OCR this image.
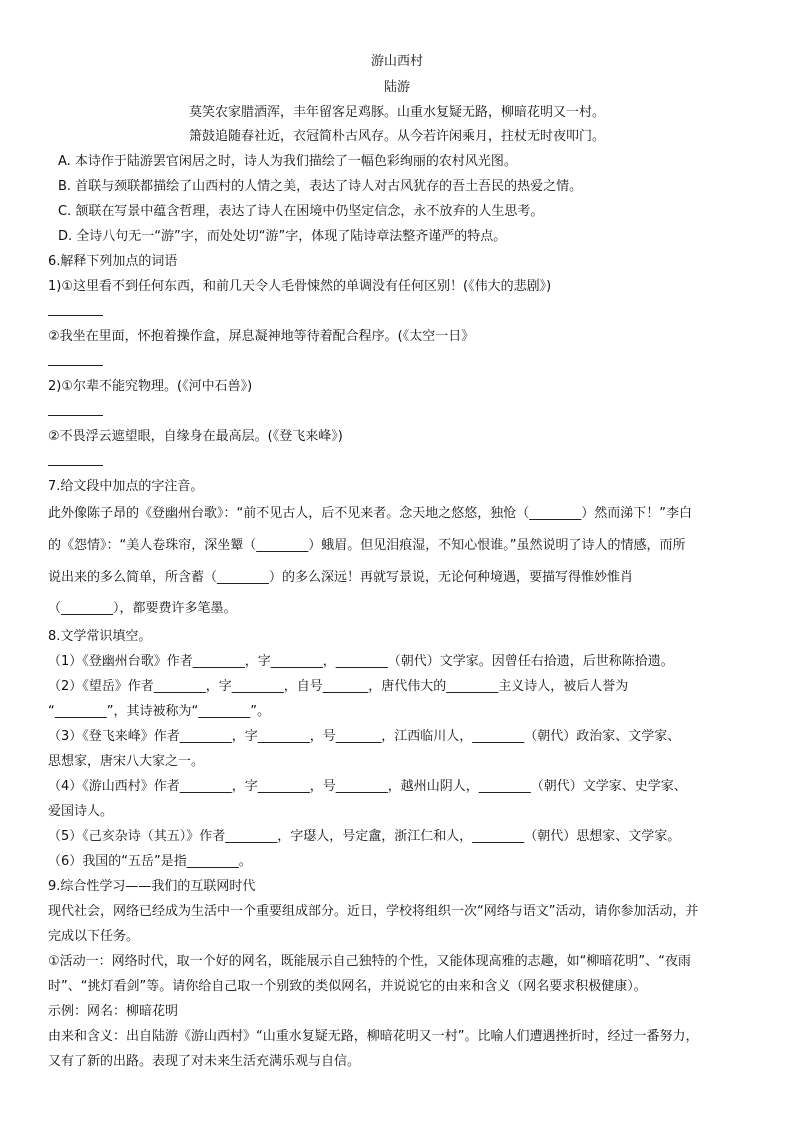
游山西村
陆游
莫笑农家腊酒浑，丰年留客足鸡豚。山重水复疑无路，柳暗花明又一村。
箫鼓追随春社近，衣冠简朴古风存。从今若许闲乘月，拄杖无时夜叩门。
A. 本诗作于陆游罢官闲居之时，诗人为我们描绘了一幅色彩绚丽的农村风光图。
B. 首联与颈联都描绘了山西村的人情之美，表达了诗人对古风犹存的吾土吾民的热爱之情。
C. 颔联在写景中蕴含哲理，表达了诗人在困境中仍坚定信念，永不放弃的人生思考。
D. 全诗八句无一“游”字，而处处切“游”字，体现了陆诗章法整齐谨严的特点。
6.解释下列加点的词语
1)①这里看不到任何东西，和前几天令人毛骨悚然的单调没有任何区别！(《伟大的悲剧》)
②我坐在里面，怀抱着操作盒，屏息凝神地等待着配合程序。(《太空一日》
2)①尔辈不能究物理。(《河中石兽》)
②不畏浮云遮望眼，自缘身在最高层。(《登飞来峰》)
7.给文段中加点的字注音。
此外像陈子昂的《登幽州台歌》：“前不见古人，后不见来者。念天地之悠悠，独怆（________）然而涕下！”李白
的《怨情》：“美人卷珠帘，深坐颦（________）蛾眉。但见泪痕湿，不知心恨谁。”虽然说明了诗人的情感，而所
说出来的多么简单，所含蓄（________）的多么深远！再就写景说，无论何种境遇，要描写得惟妙惟肖
（________），都要费许多笔墨。
8.文学常识填空。
（1）《登幽州台歌》作者________，字________，________（朝代）文学家。因曾任右拾遗，后世称陈拾遗。
（2）《望岳》作者________，字________，自号_______，唐代伟大的________主义诗人，被后人誉为
“________”，其诗被称为“________”。
（3）《登飞来峰》作者________，字________，号_______，江西临川人，________（朝代）政治家、文学家、
思想家，唐宋八大家之一。
（4）《游山西村》作者________，字________，号________，越州山阴人，________（朝代）文学家、史学家、
爱国诗人。
（5）《己亥杂诗（其五）》作者________，字璱人，号定盦，浙江仁和人，________（朝代）思想家、文学家。
（6）我国的“五岳”是指________。
9.综合性学习——我们的互联网时代
现代社会，网络已经成为生活中一个重要组成部分。近日，学校将组织一次“网络与语文”活动，请你参加活动，并
完成以下任务。
①活动一：网络时代，取一个好的网名，既能展示自己独特的个性，又能体现高雅的志趣，如“柳暗花明”、“夜雨
时”、“挑灯看剑”等。请你给自己取一个别致的类似网名，并说说它的由来和含义（网名要求积极健康）。
示例：网名：柳暗花明
由来和含义：出自陆游《游山西村》“山重水复疑无路，柳暗花明又一村”。比喻人们遭遇挫折时，经过一番努力，
又有了新的出路。表现了对未来生活充满乐观与自信。
